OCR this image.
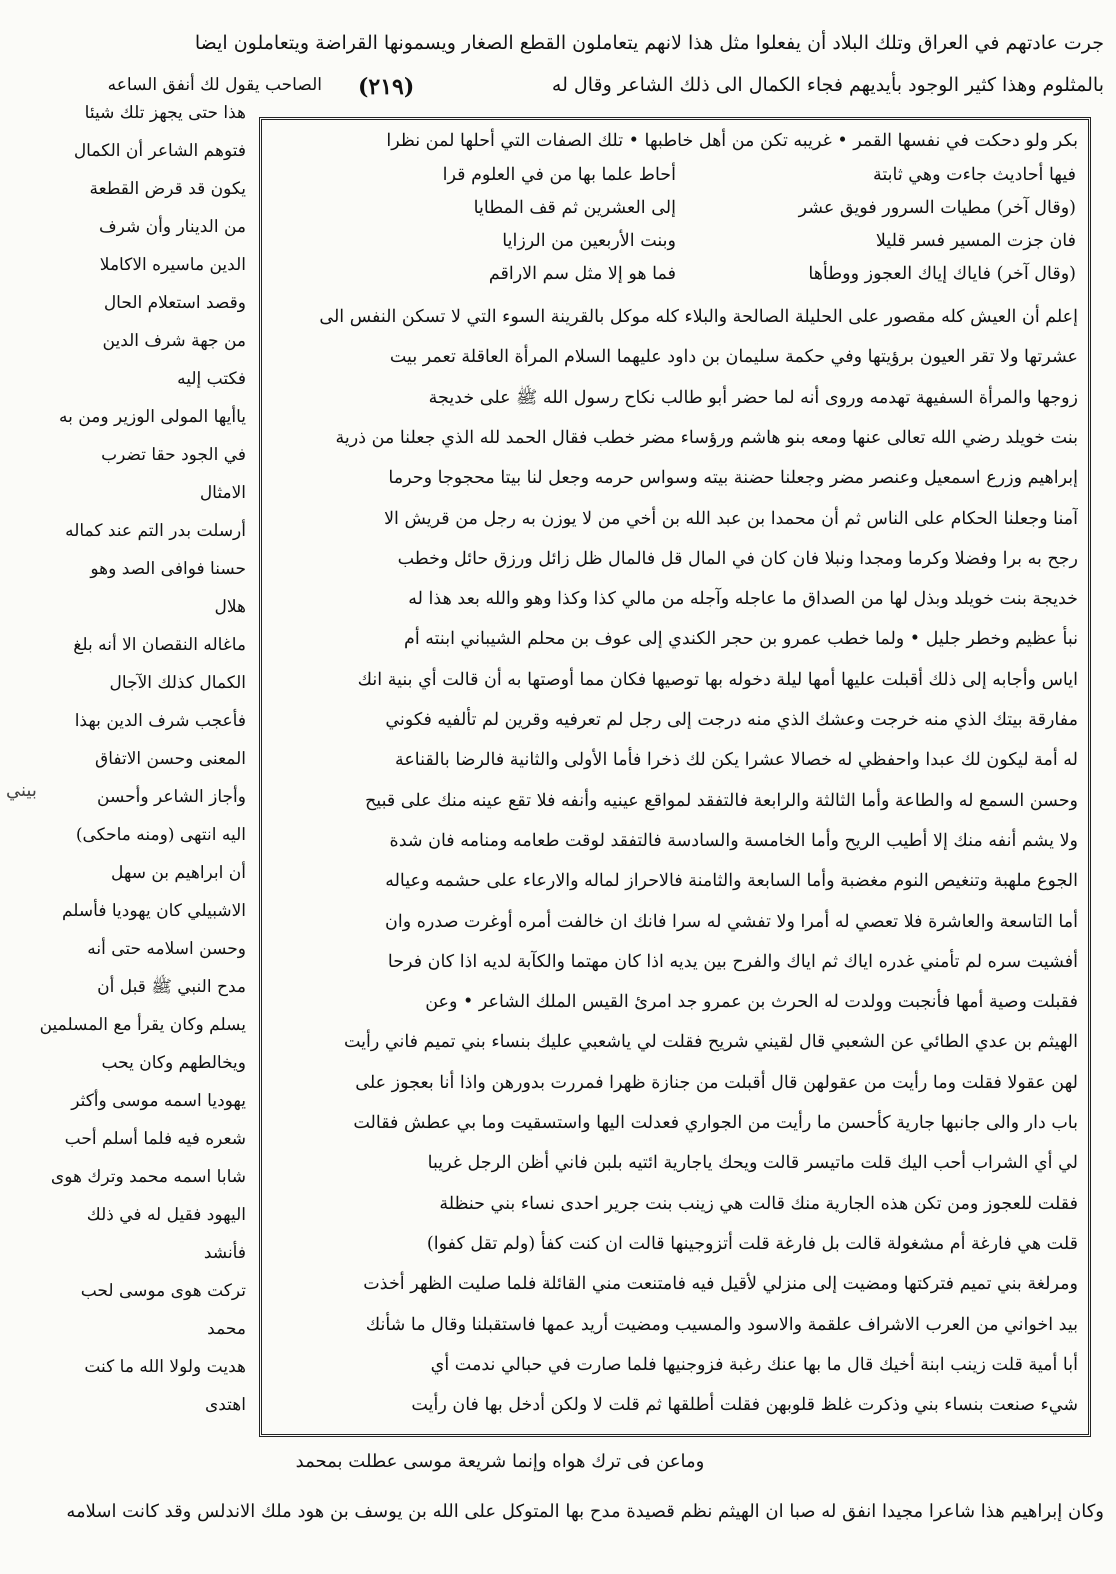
جرت عادتهم في العراق وتلك البلاد أن يفعلوا مثل هذا لانهم يتعاملون القطع الصغار ويسمونها القراضة ويتعاملون ايضا
بالمثلوم وهذا كثير الوجود بأيديهم فجاء الكمال الى ذلك الشاعر وقال له
(٢١٩)
الصاحب يقول لك أنفق الساعه
هذا حتى يجهز تلك شيئا
فتوهم الشاعر أن الكمال
يكون قد قرض القطعة
من الدينار وأن شرف
الدين ماسيره الاكاملا
وقصد استعلام الحال
من جهة شرف الدين
فكتب إليه
ياأيها المولى الوزير ومن به
في الجود حقا تضرب
الامثال
أرسلت بدر التم عند كماله
حسنا فوافى الصد وهو
هلال
ماغاله النقصان الا أنه بلغ
الكمال كذلك الآجال
فأعجب شرف الدين بهذا
المعنى وحسن الاتفاق
وأجاز الشاعر وأحسن
اليه انتهى (ومنه ماحكى)
أن ابراهيم بن سهل
الاشبيلي كان يهوديا فأسلم
وحسن اسلامه حتى أنه
مدح النبي ﷺ قبل أن
يسلم وكان يقرأ مع المسلمين
ويخالطهم وكان يحب
يهوديا اسمه موسى وأكثر
شعره فيه فلما أسلم أحب
شابا اسمه محمد وترك هوى
اليهود فقيل له في ذلك
فأنشد
تركت هوى موسى لحب
محمد
هديت ولولا الله ما كنت
اهتدى
بكر ولو دحكت في نفسها القمر • غريبه تكن من أهل خاطبها • تلك الصفات التي أحلها لمن نظرا
فيها أحاديث جاءت وهي ثابتة
أحاط علما بها من في العلوم قرا
(وقال آخر) مطيات السرور فويق عشر
إلى العشرين ثم قف المطايا
فان جزت المسير فسر قليلا
وبنت الأربعين من الرزايا
(وقال آخر) فاياك إياك العجوز ووطأها
فما هو إلا مثل سم الاراقم
إعلم أن العيش كله مقصور على الحليلة الصالحة والبلاء كله موكل بالقرينة السوء التي لا تسكن النفس الى
عشرتها ولا تقر العيون برؤيتها وفي حكمة سليمان بن داود عليهما السلام المرأة العاقلة تعمر بيت
زوجها والمرأة السفيهة تهدمه وروى أنه لما حضر أبو طالب نكاح رسول الله ﷺ على خديجة
بنت خويلد رضي الله تعالى عنها ومعه بنو هاشم ورؤساء مضر خطب فقال الحمد لله الذي جعلنا من ذرية
إبراهيم وزرع اسمعيل وعنصر مضر وجعلنا حضنة بيته وسواس حرمه وجعل لنا بيتا محجوجا وحرما
آمنا وجعلنا الحكام على الناس ثم أن محمدا بن عبد الله بن أخي من لا يوزن به رجل من قريش الا
رجح به برا وفضلا وكرما ومجدا ونبلا فان كان في المال قل فالمال ظل زائل ورزق حائل وخطب
خديجة بنت خويلد وبذل لها من الصداق ما عاجله وآجله من مالي كذا وكذا وهو والله بعد هذا له
نبأ عظيم وخطر جليل • ولما خطب عمرو بن حجر الكندي إلى عوف بن محلم الشيباني ابنته أم
اياس وأجابه إلى ذلك أقبلت عليها أمها ليلة دخوله بها توصيها فكان مما أوصتها به أن قالت أي بنية انك
مفارقة بيتك الذي منه خرجت وعشك الذي منه درجت إلى رجل لم تعرفيه وقرين لم تألفيه فكوني
له أمة ليكون لك عبدا واحفظي له خصالا عشرا يكن لك ذخرا فأما الأولى والثانية فالرضا بالقناعة
وحسن السمع له والطاعة وأما الثالثة والرابعة فالتفقد لمواقع عينيه وأنفه فلا تقع عينه منك على قبيح
ولا يشم أنفه منك إلا أطيب الريح وأما الخامسة والسادسة فالتفقد لوقت طعامه ومنامه فان شدة
الجوع ملهبة وتنغيص النوم مغضبة وأما السابعة والثامنة فالاحراز لماله والارعاء على حشمه وعياله
أما التاسعة والعاشرة فلا تعصي له أمرا ولا تفشي له سرا فانك ان خالفت أمره أوغرت صدره وان
أفشيت سره لم تأمني غدره اياك ثم اياك والفرح بين يديه اذا كان مهتما والكآبة لديه اذا كان فرحا
فقبلت وصية أمها فأنجبت وولدت له الحرث بن عمرو جد امرئ القيس الملك الشاعر • وعن
الهيثم بن عدي الطائي عن الشعبي قال لقيني شريح فقلت لي ياشعبي عليك بنساء بني تميم فاني رأيت
لهن عقولا فقلت وما رأيت من عقولهن قال أقبلت من جنازة ظهرا فمررت بدورهن واذا أنا بعجوز على
باب دار والى جانبها جارية كأحسن ما رأيت من الجواري فعدلت اليها واستسقيت وما بي عطش فقالت
لي أي الشراب أحب اليك قلت ماتيسر قالت ويحك ياجارية ائتيه بلبن فاني أظن الرجل غريبا
فقلت للعجوز ومن تكن هذه الجارية منك قالت هي زينب بنت جرير احدى نساء بني حنظلة
قلت هي فارغة أم مشغولة قالت بل فارغة قلت أتزوجينها قالت ان كنت كفأ (ولم تقل كفوا)
ومرلغة بني تميم فتركتها ومضيت إلى منزلي لأقيل فيه فامتنعت مني القائلة فلما صليت الظهر أخذت
بيد اخواني من العرب الاشراف علقمة والاسود والمسيب ومضيت أريد عمها فاستقبلنا وقال ما شأنك
أبا أمية قلت زينب ابنة أخيك قال ما بها عنك رغبة فزوجنيها فلما صارت في حبالي ندمت أي
شيء صنعت بنساء بني وذكرت غلظ قلوبهن فقلت أطلقها ثم قلت لا ولكن أدخل بها فان رأيت
وماعن فى ترك هواه وإنما شريعة موسى عطلت بمحمد
وكان إبراهيم هذا شاعرا مجيدا انفق له صبا ان الهيثم نظم قصيدة مدح بها المتوكل على الله بن يوسف بن هود ملك الاندلس وقد كانت اسلامه
بيني
